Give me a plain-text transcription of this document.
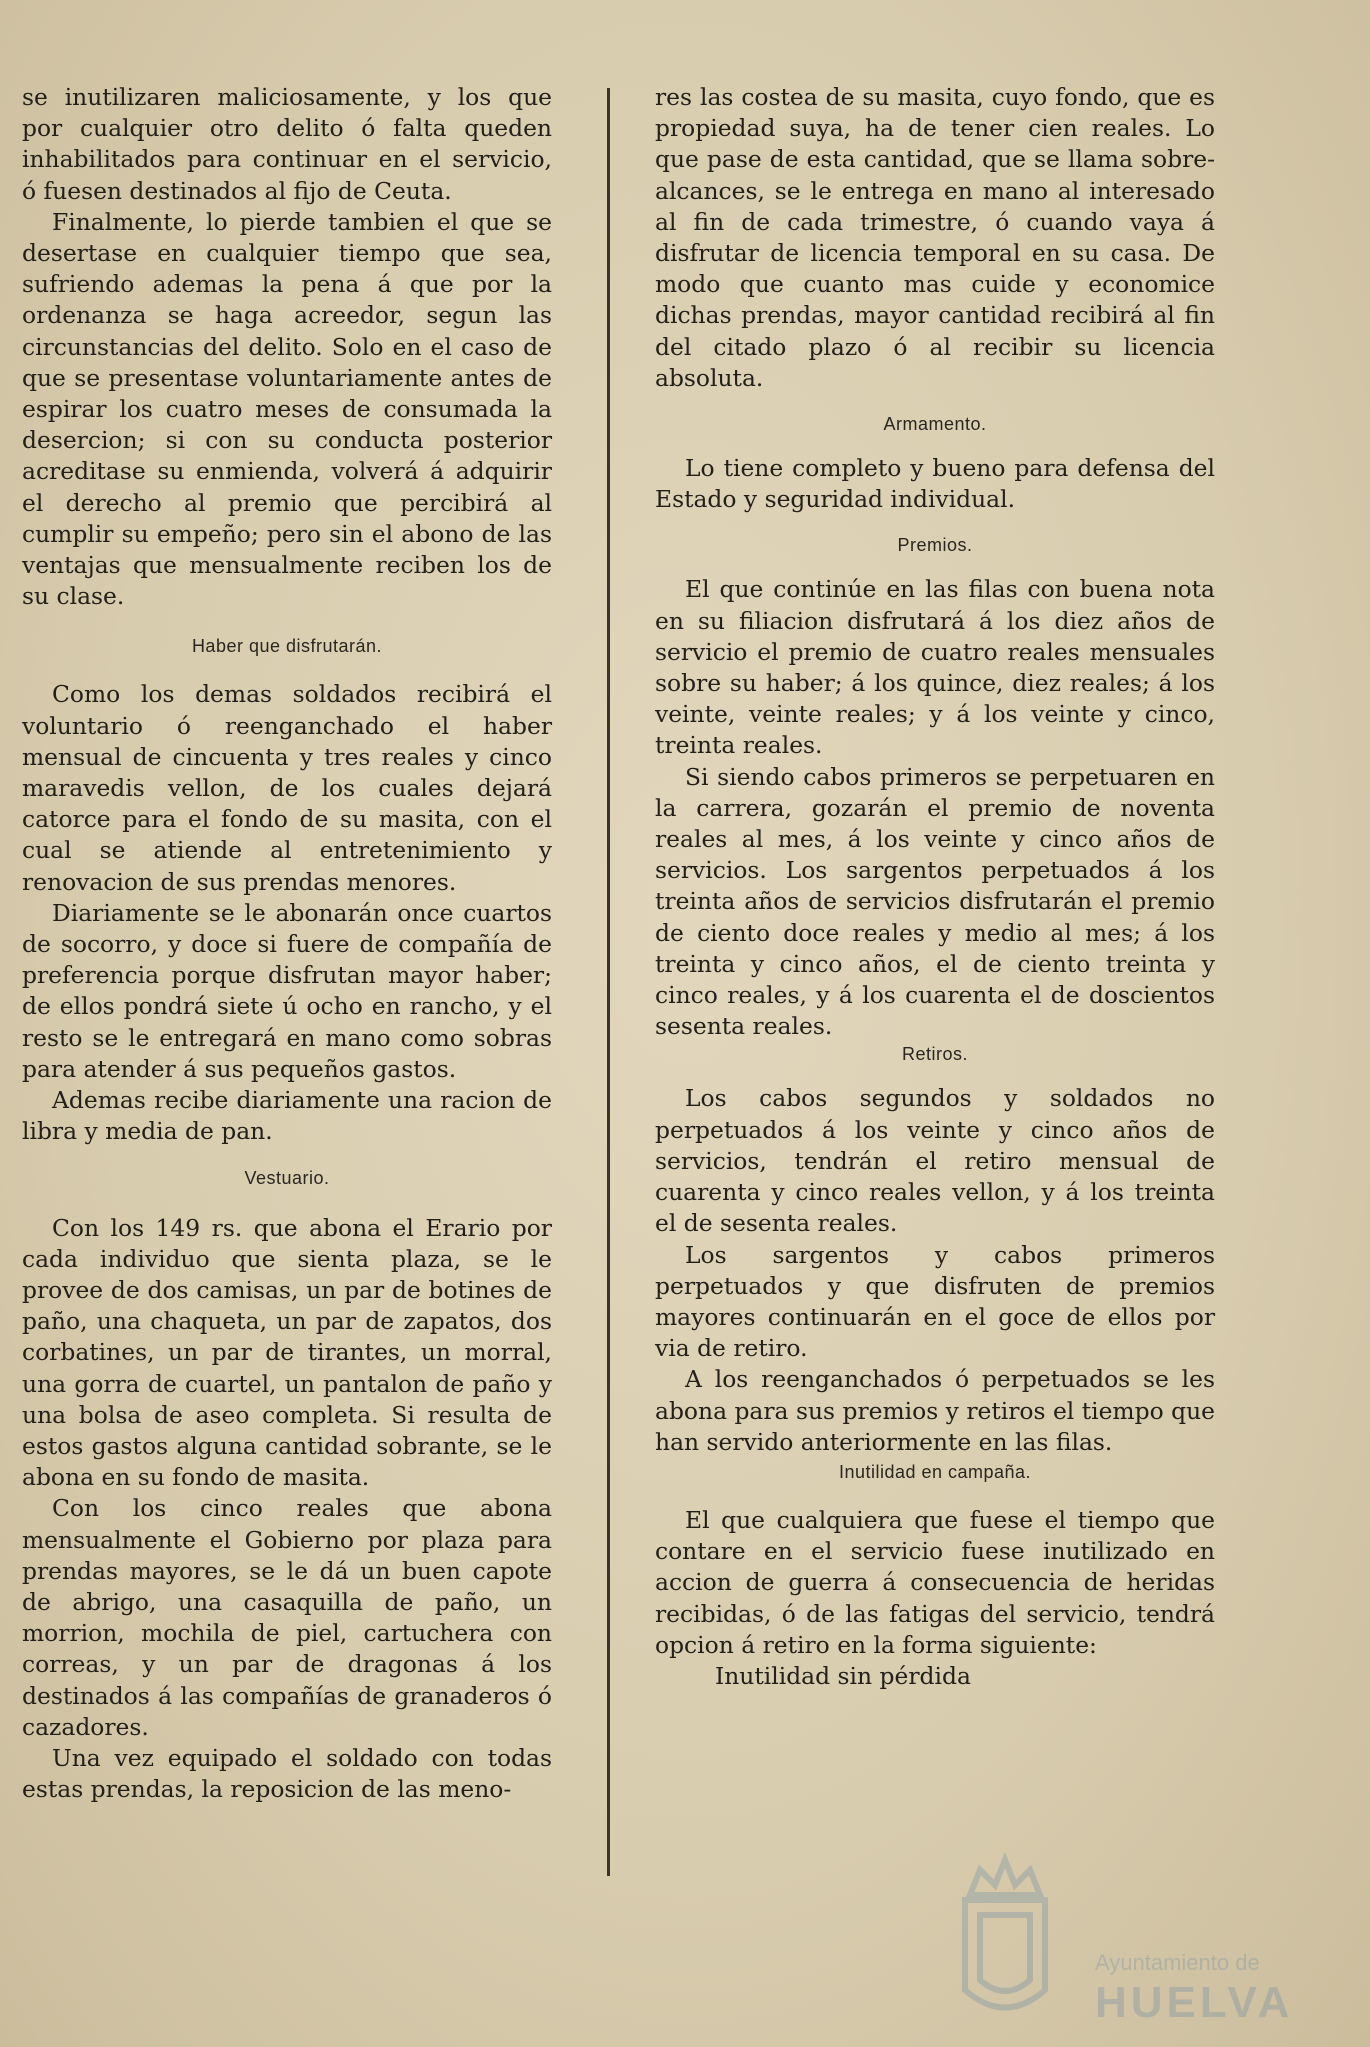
se inutilizaren maliciosamente, y los que por cualquier otro delito ó falta queden inhabilitados para continuar en el servicio, ó fuesen destinados al fijo de Ceuta.

Finalmente, lo pierde tambien el que se desertase en cualquier tiempo que sea, sufriendo ademas la pena á que por la ordenanza se haga acreedor, segun las circunstancias del delito. Solo en el caso de que se presentase voluntariamente antes de espirar los cuatro meses de consumada la desercion; si con su conducta posterior acreditase su enmienda, volverá á adquirir el derecho al premio que percibirá al cumplir su empeño; pero sin el abono de las ventajas que mensualmente reciben los de su clase.

Haber que disfrutarán.

Como los demas soldados recibirá el voluntario ó reenganchado el haber mensual de cincuenta y tres reales y cinco maravedis vellon, de los cuales dejará catorce para el fondo de su masita, con el cual se atiende al entretenimiento y renovacion de sus prendas menores.

Diariamente se le abonarán once cuartos de socorro, y doce si fuere de compañía de preferencia porque disfrutan mayor haber; de ellos pondrá siete ú ocho en rancho, y el resto se le entregará en mano como sobras para atender á sus pequeños gastos.

Ademas recibe diariamente una racion de libra y media de pan.

Vestuario.

Con los 149 rs. que abona el Erario por cada individuo que sienta plaza, se le provee de dos camisas, un par de botines de paño, una chaqueta, un par de zapatos, dos corbatines, un par de tirantes, un morral, una gorra de cuartel, un pantalon de paño y una bolsa de aseo completa. Si resulta de estos gastos alguna cantidad sobrante, se le abona en su fondo de masita.

Con los cinco reales que abona mensualmente el Gobierno por plaza para prendas mayores, se le dá un buen capote de abrigo, una casaquilla de paño, un morrion, mochila de piel, cartuchera con correas, y un par de dragonas á los destinados á las compañías de granaderos ó cazadores.

Una vez equipado el soldado con todas estas prendas, la reposicion de las meno-

res las costea de su masita, cuyo fondo, que es propiedad suya, ha de tener cien reales. Lo que pase de esta cantidad, que se llama sobre-alcances, se le entrega en mano al interesado al fin de cada trimestre, ó cuando vaya á disfrutar de licencia temporal en su casa. De modo que cuanto mas cuide y economice dichas prendas, mayor cantidad recibirá al fin del citado plazo ó al recibir su licencia absoluta.

Armamento.

Lo tiene completo y bueno para defensa del Estado y seguridad individual.

Premios.

El que continúe en las filas con buena nota en su filiacion disfrutará á los diez años de servicio el premio de cuatro reales mensuales sobre su haber; á los quince, diez reales; á los veinte, veinte reales; y á los veinte y cinco, treinta reales.

Si siendo cabos primeros se perpetuaren en la carrera, gozarán el premio de noventa reales al mes, á los veinte y cinco años de servicios. Los sargentos perpetuados á los treinta años de servicios disfrutarán el premio de ciento doce reales y medio al mes; á los treinta y cinco años, el de ciento treinta y cinco reales, y á los cuarenta el de doscientos sesenta reales.

Retiros.

Los cabos segundos y soldados no perpetuados á los veinte y cinco años de servicios, tendrán el retiro mensual de cuarenta y cinco reales vellon, y á los treinta el de sesenta reales.

Los sargentos y cabos primeros perpetuados y que disfruten de premios mayores continuarán en el goce de ellos por via de retiro.

A los reenganchados ó perpetuados se les abona para sus premios y retiros el tiempo que han servido anteriormente en las filas.

Inutilidad en campaña.

El que cualquiera que fuese el tiempo que contare en el servicio fuese inutilizado en accion de guerra á consecuencia de heridas recibidas, ó de las fatigas del servicio, tendrá opcion á retiro en la forma siguiente:

Inutilidad sin pérdida

Ayuntamiento de
HUELVA
